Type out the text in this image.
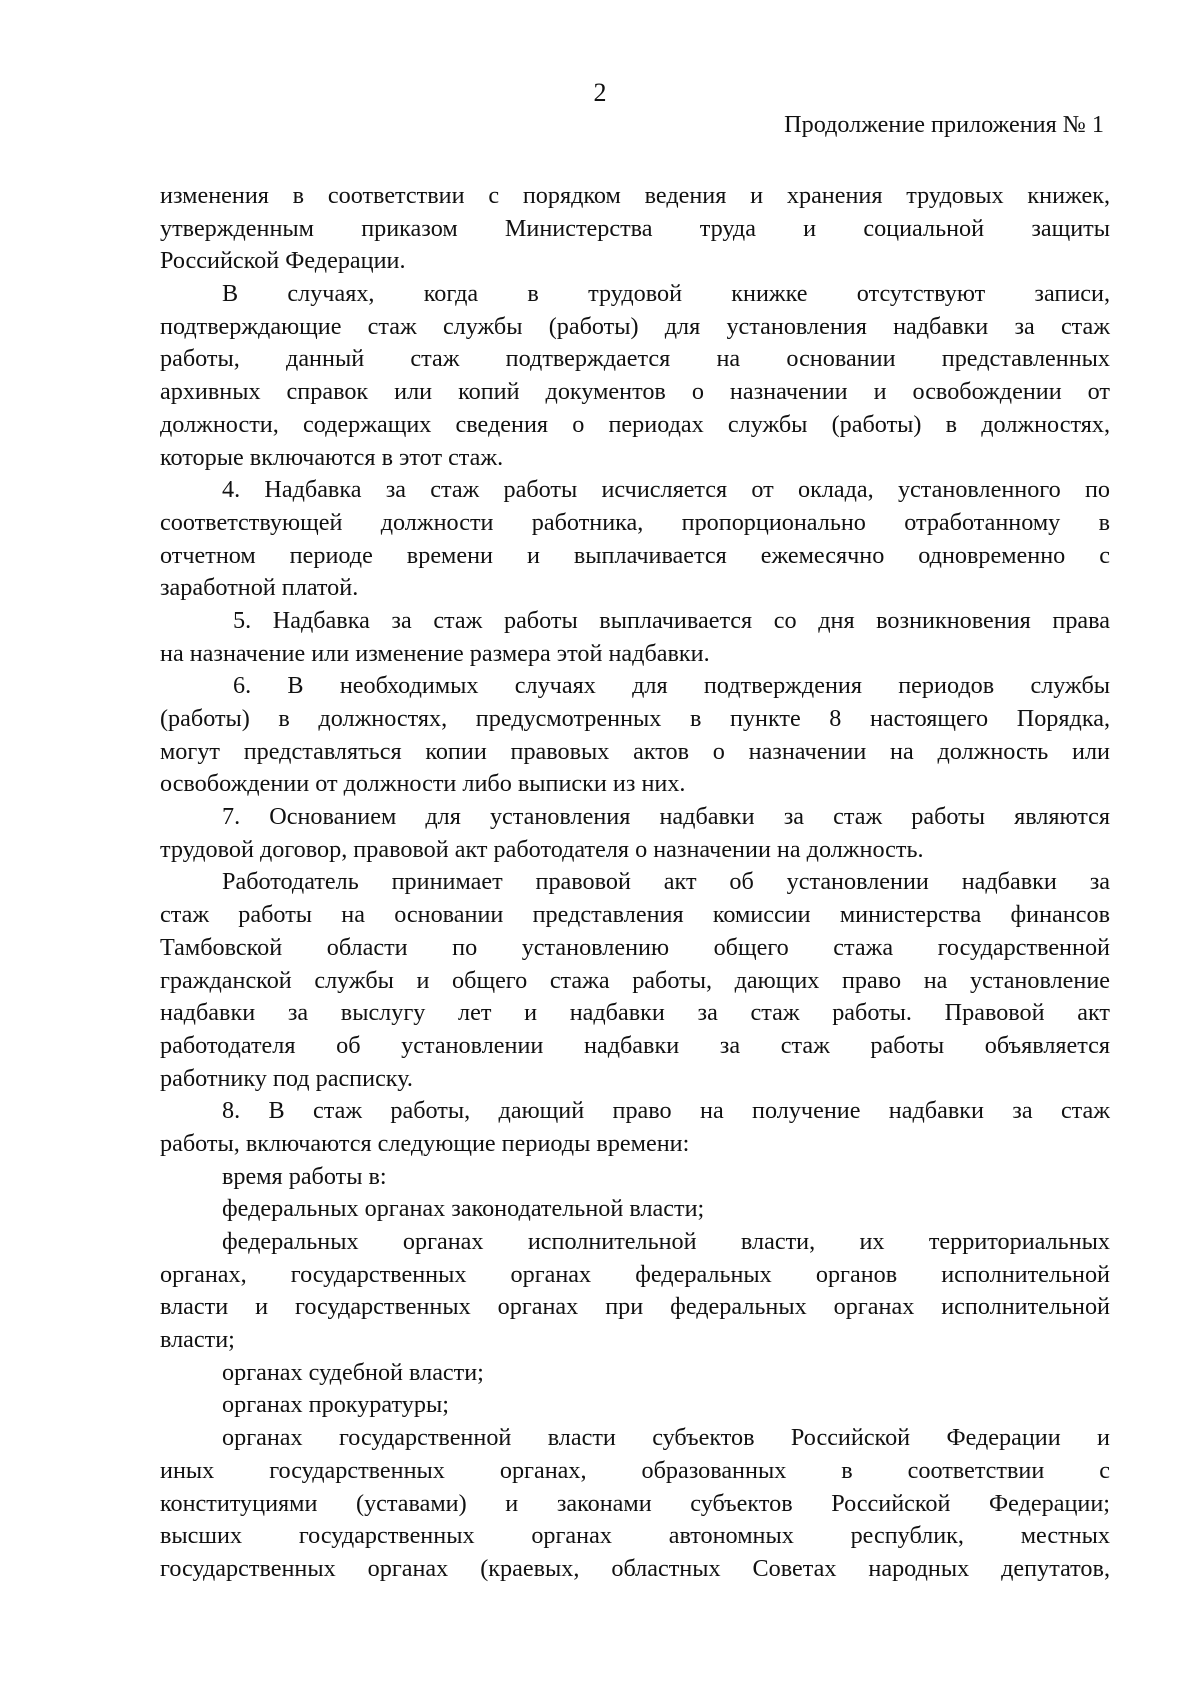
2
Продолжение приложения № 1
изменения в соответствии с порядком ведения и хранения трудовых книжек,
утвержденным приказом Министерства труда и социальной защиты
Российской Федерации.
В случаях, когда в трудовой книжке отсутствуют записи,
подтверждающие стаж службы (работы) для установления надбавки за стаж
работы, данный стаж подтверждается на основании представленных
архивных справок или копий документов о назначении и освобождении от
должности, содержащих сведения о периодах службы (работы) в должностях,
которые включаются в этот стаж.
4. Надбавка за стаж работы исчисляется от оклада, установленного по
соответствующей должности работника, пропорционально отработанному в
отчетном периоде времени и выплачивается ежемесячно одновременно с
заработной платой.
5. Надбавка за стаж работы выплачивается со дня возникновения права
на назначение или изменение размера этой надбавки.
6. В необходимых случаях для подтверждения периодов службы
(работы) в должностях, предусмотренных в пункте 8 настоящего Порядка,
могут представляться копии правовых актов о назначении на должность или
освобождении от должности либо выписки из них.
7. Основанием для установления надбавки за стаж работы являются
трудовой договор, правовой акт работодателя о назначении на должность.
Работодатель принимает правовой акт об установлении надбавки за
стаж работы на основании представления комиссии министерства финансов
Тамбовской области по установлению общего стажа государственной
гражданской службы и общего стажа работы, дающих право на установление
надбавки за выслугу лет и надбавки за стаж работы. Правовой акт
работодателя об установлении надбавки за стаж работы объявляется
работнику под расписку.
8. В стаж работы, дающий право на получение надбавки за стаж
работы, включаются следующие периоды времени:
время работы в:
федеральных органах законодательной власти;
федеральных органах исполнительной власти, их территориальных
органах, государственных органах федеральных органов исполнительной
власти и государственных органах при федеральных органах исполнительной
власти;
органах судебной власти;
органах прокуратуры;
органах государственной власти субъектов Российской Федерации и
иных государственных органах, образованных в соответствии с
конституциями (уставами) и законами субъектов Российской Федерации;
высших государственных органах автономных республик, местных
государственных органах (краевых, областных Советах народных депутатов,
